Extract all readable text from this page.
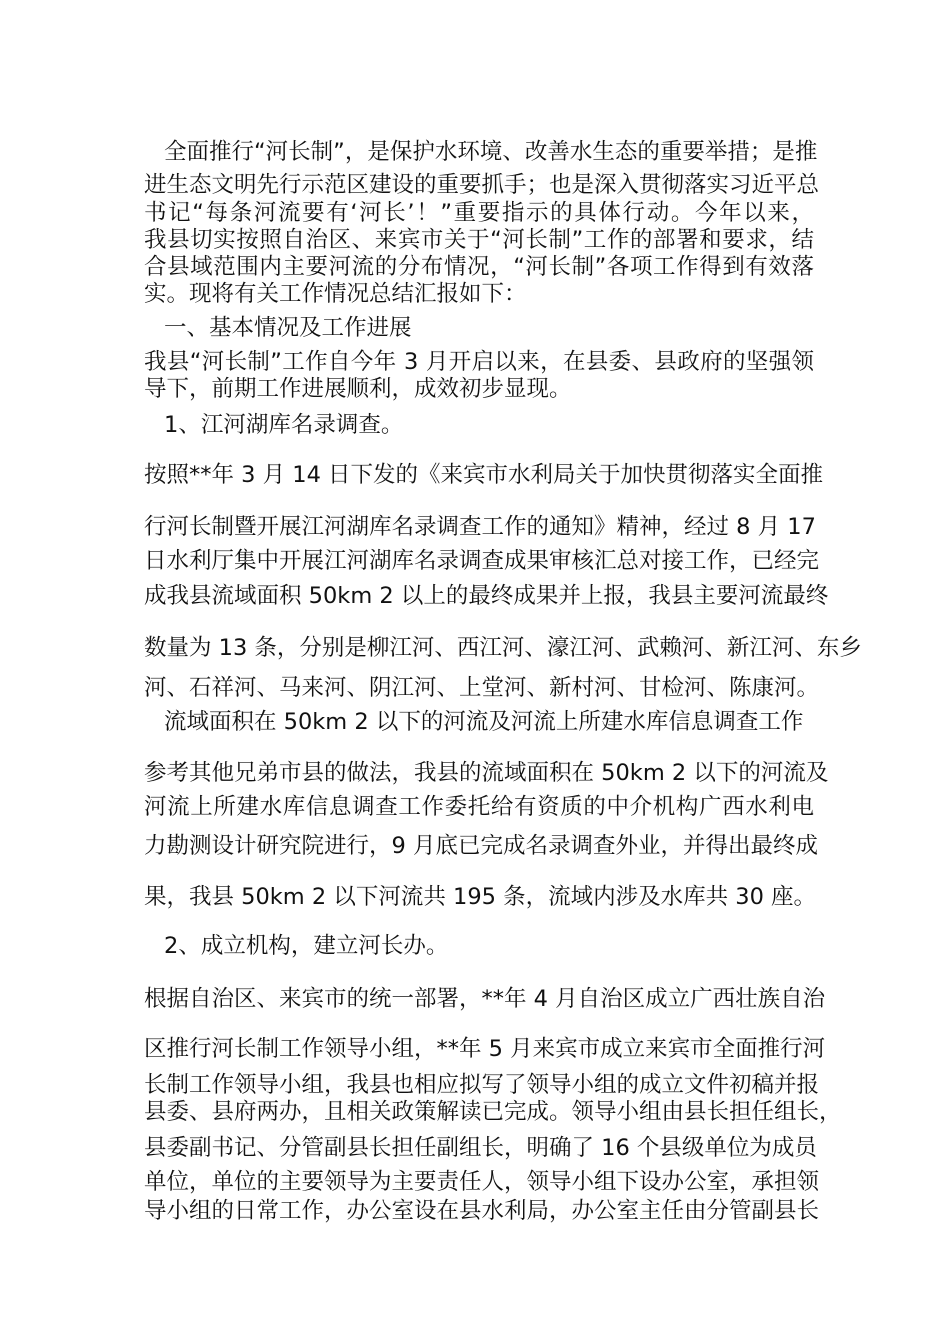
全面推行“河长制”，是保护水环境、改善水生态的重要举措；是推
进生态文明先行示范区建设的重要抓手；也是深入贯彻落实习近平总
书记“每条河流要有‘河长’！”重要指示的具体行动。今年以来，
我县切实按照自治区、来宾市关于“河长制”工作的部署和要求，结
合县域范围内主要河流的分布情况，“河长制”各项工作得到有效落
实。现将有关工作情况总结汇报如下：
一、基本情况及工作进展
我县“河长制”工作自今年 3 月开启以来，在县委、县政府的坚强领
导下，前期工作进展顺利，成效初步显现。
1、江河湖库名录调查。
按照**年 3 月 14 日下发的《来宾市水利局关于加快贯彻落实全面推
行河长制暨开展江河湖库名录调查工作的通知》精神，经过 8 月 17
日水利厅集中开展江河湖库名录调查成果审核汇总对接工作，已经完
成我县流域面积 50km 2 以上的最终成果并上报，我县主要河流最终
数量为 13 条，分别是柳江河、西江河、濠江河、武赖河、新江河、东乡
河、石祥河、马来河、阴江河、上堂河、新村河、甘检河、陈康河。
流域面积在 50km 2 以下的河流及河流上所建水库信息调查工作
参考其他兄弟市县的做法，我县的流域面积在 50km 2 以下的河流及
河流上所建水库信息调查工作委托给有资质的中介机构广西水利电
力勘测设计研究院进行，9 月底已完成名录调查外业，并得出最终成
果，我县 50km 2 以下河流共 195 条，流域内涉及水库共 30 座。
2、成立机构，建立河长办。
根据自治区、来宾市的统一部署，**年 4 月自治区成立广西壮族自治
区推行河长制工作领导小组，**年 5 月来宾市成立来宾市全面推行河
长制工作领导小组，我县也相应拟写了领导小组的成立文件初稿并报
县委、县府两办，且相关政策解读已完成。领导小组由县长担任组长，
县委副书记、分管副县长担任副组长，明确了 16 个县级单位为成员
单位，单位的主要领导为主要责任人，领导小组下设办公室，承担领
导小组的日常工作，办公室设在县水利局，办公室主任由分管副县长
